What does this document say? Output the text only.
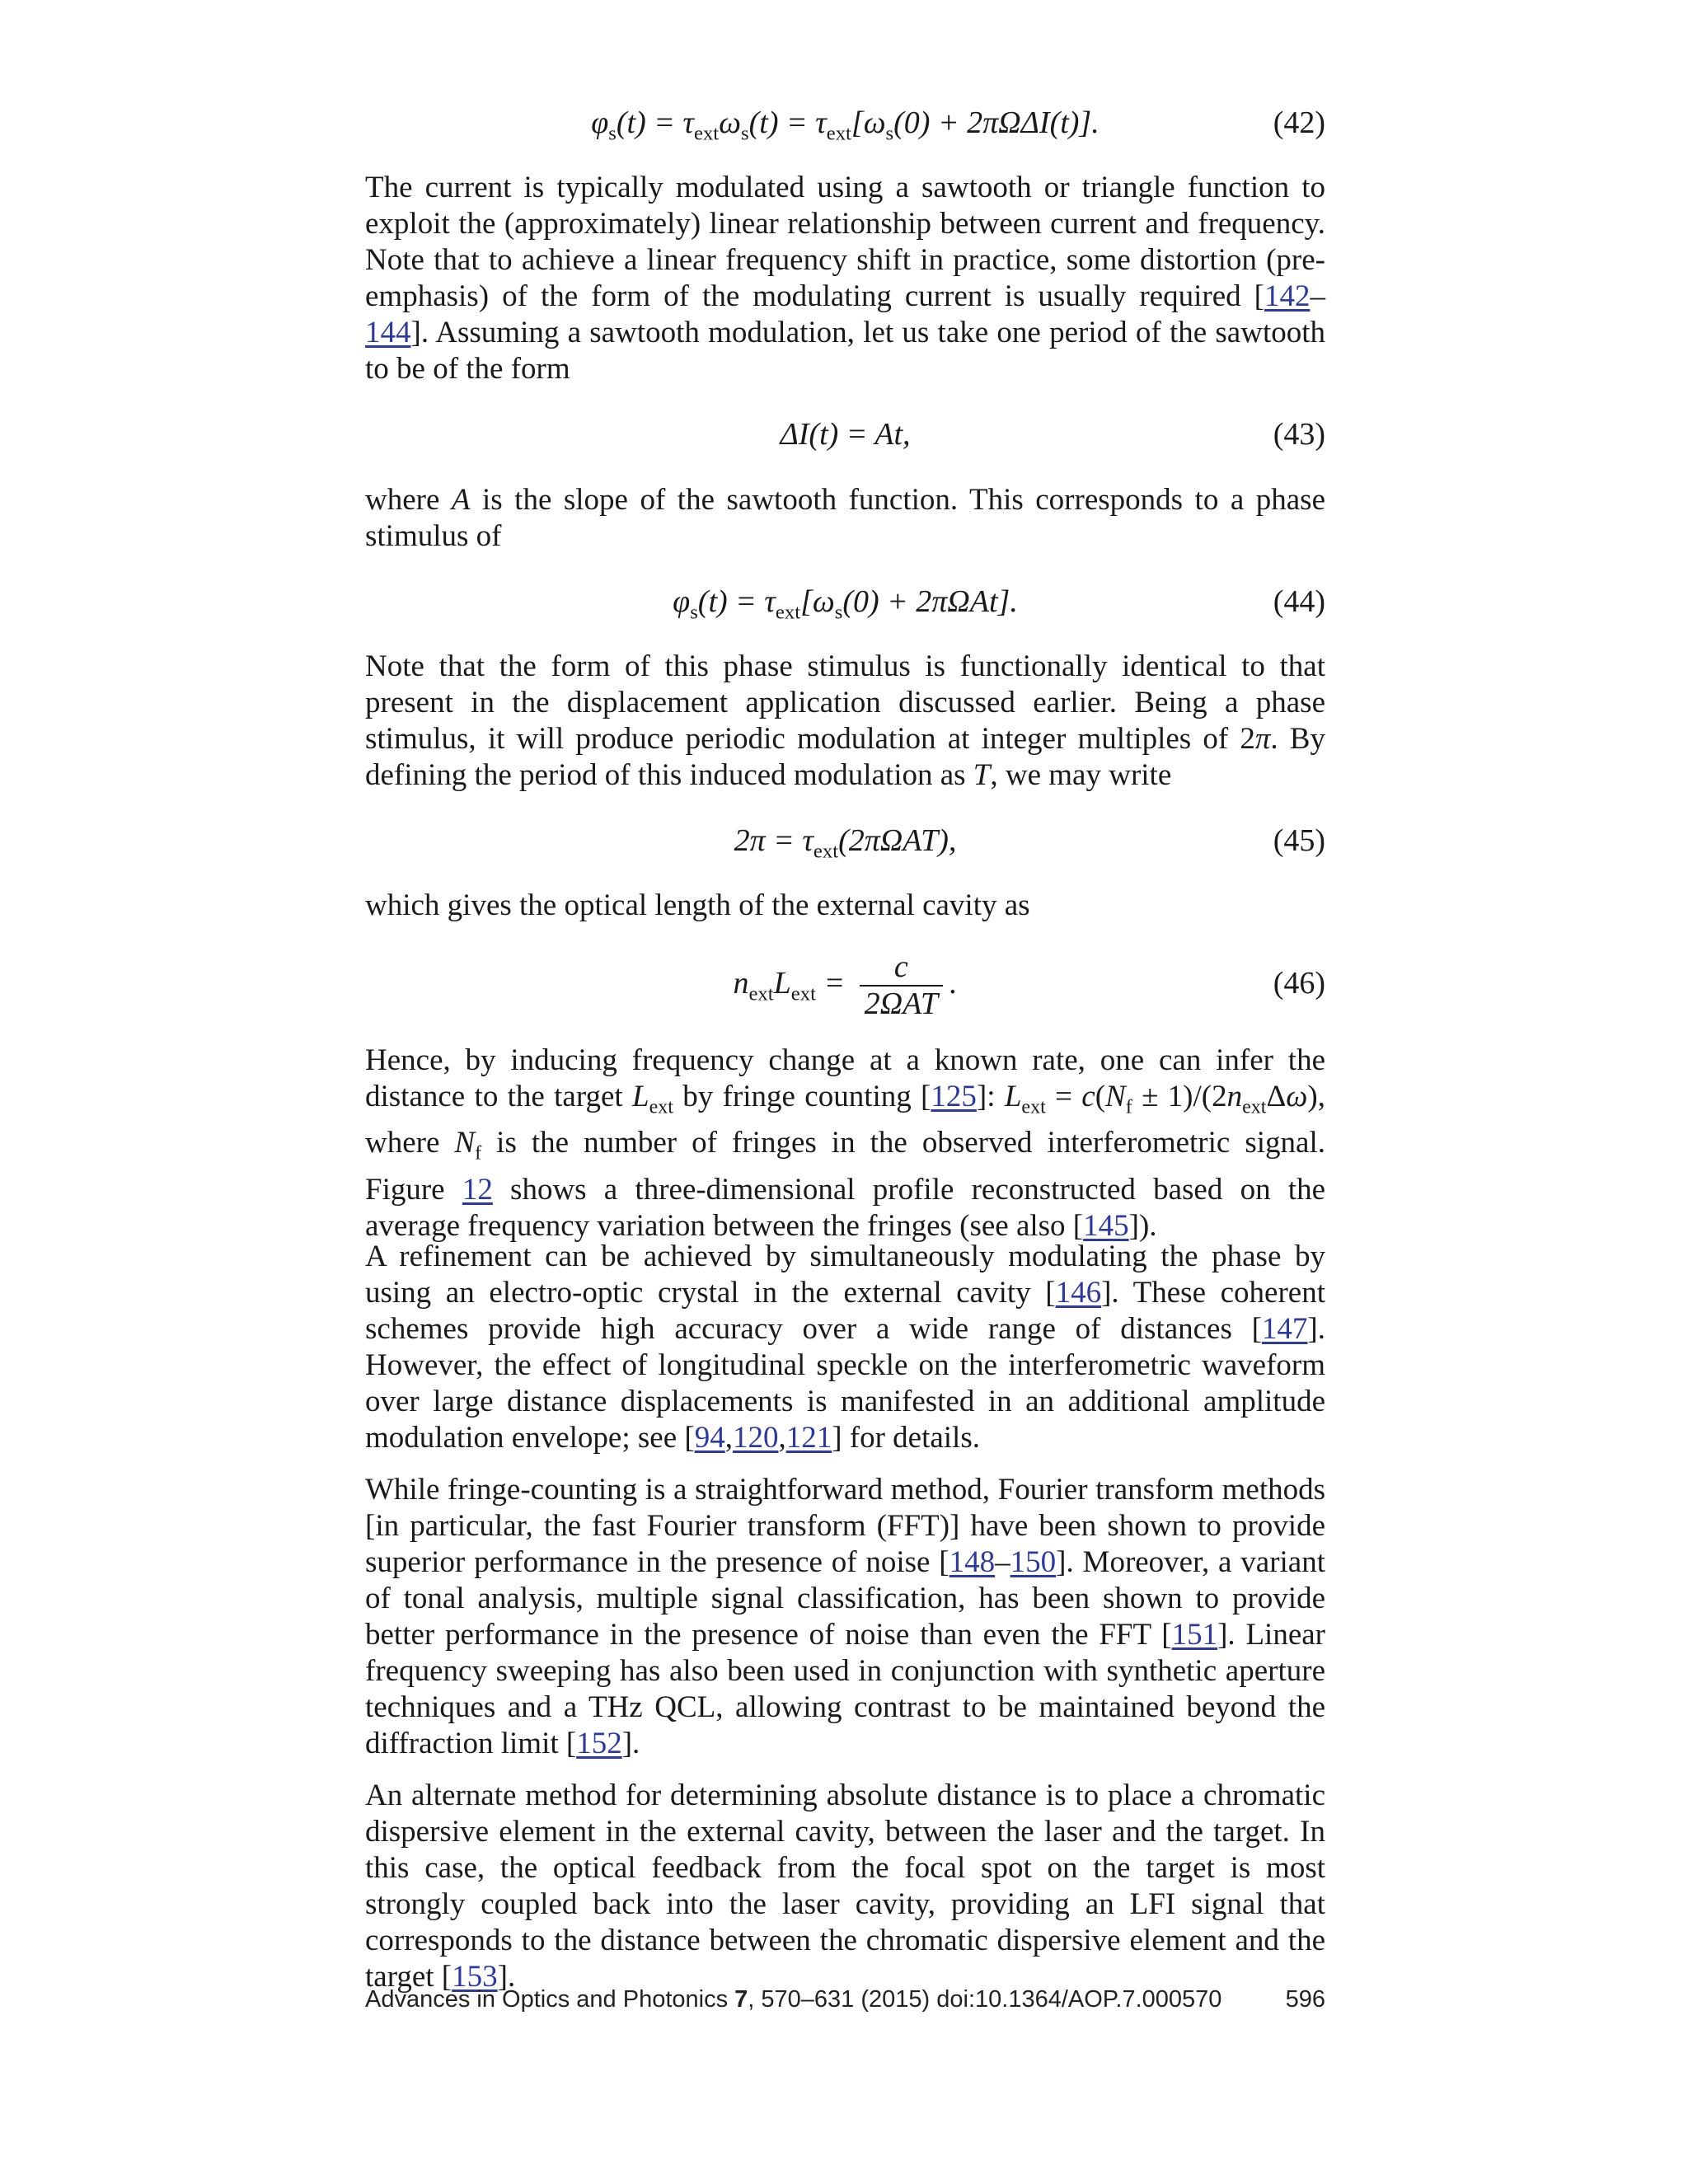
$\varphi_s(t) = \tau_{ext}\omega_s(t) = \tau_{ext}[\omega_s(0) + 2\pi\Omega\Delta I(t)]$.	(42)

The current is typically modulated using a sawtooth or triangle function to exploit the (approximately) linear relationship between current and frequency. Note that to achieve a linear frequency shift in practice, some distortion (pre-emphasis) of the form of the modulating current is usually required [142–144]. Assuming a sawtooth modulation, let us take one period of the sawtooth to be of the form

ΔI(t) = At,	(43)

where A is the slope of the sawtooth function. This corresponds to a phase stimulus of

$\varphi_s(t) = \tau_{ext}[\omega_s(0) + 2\pi\Omega At]$.	(44)

Note that the form of this phase stimulus is functionally identical to that present in the displacement application discussed earlier. Being a phase stimulus, it will produce periodic modulation at integer multiples of 2π. By defining the period of this induced modulation as T, we may write

$2\pi = \tau_{ext}(2\pi\Omega AT)$,	(45)

which gives the optical length of the external cavity as

$n_{ext}L_{ext} = \frac{c}{\text{2ΩAT}}$ .	(46)

Hence, by inducing frequency change at a known rate, one can infer the distance to the target $L_{ext}$ by fringe counting [125]: $L_{ext} = c(N_f \pm 1)/(2n_{ext}\Delta\omega)$, where $N_f$ is the number of fringes in the observed interferometric signal. Figure 12 shows a three-dimensional profile reconstructed based on the average frequency variation between the fringes (see also [145]).

A refinement can be achieved by simultaneously modulating the phase by using an electro-optic crystal in the external cavity [146]. These coherent schemes provide high accuracy over a wide range of distances [147]. However, the effect of longitudinal speckle on the interferometric waveform over large distance displacements is manifested in an additional amplitude modulation envelope; see [94,120,121] for details.

While fringe-counting is a straightforward method, Fourier transform methods [in particular, the fast Fourier transform (FFT)] have been shown to provide superior performance in the presence of noise [148–150]. Moreover, a variant of tonal analysis, multiple signal classification, has been shown to provide better performance in the presence of noise than even the FFT [151]. Linear frequency sweeping has also been used in conjunction with synthetic aperture techniques and a THz QCL, allowing contrast to be maintained beyond the diffraction limit [152].

An alternate method for determining absolute distance is to place a chromatic dispersive element in the external cavity, between the laser and the target. In this case, the optical feedback from the focal spot on the target is most strongly coupled back into the laser cavity, providing an LFI signal that corresponds to the distance between the chromatic dispersive element and the target [153].

Advances in Optics and Photonics 7, 570–631 (2015) doi:10.1364/AOP.7.000570	596
